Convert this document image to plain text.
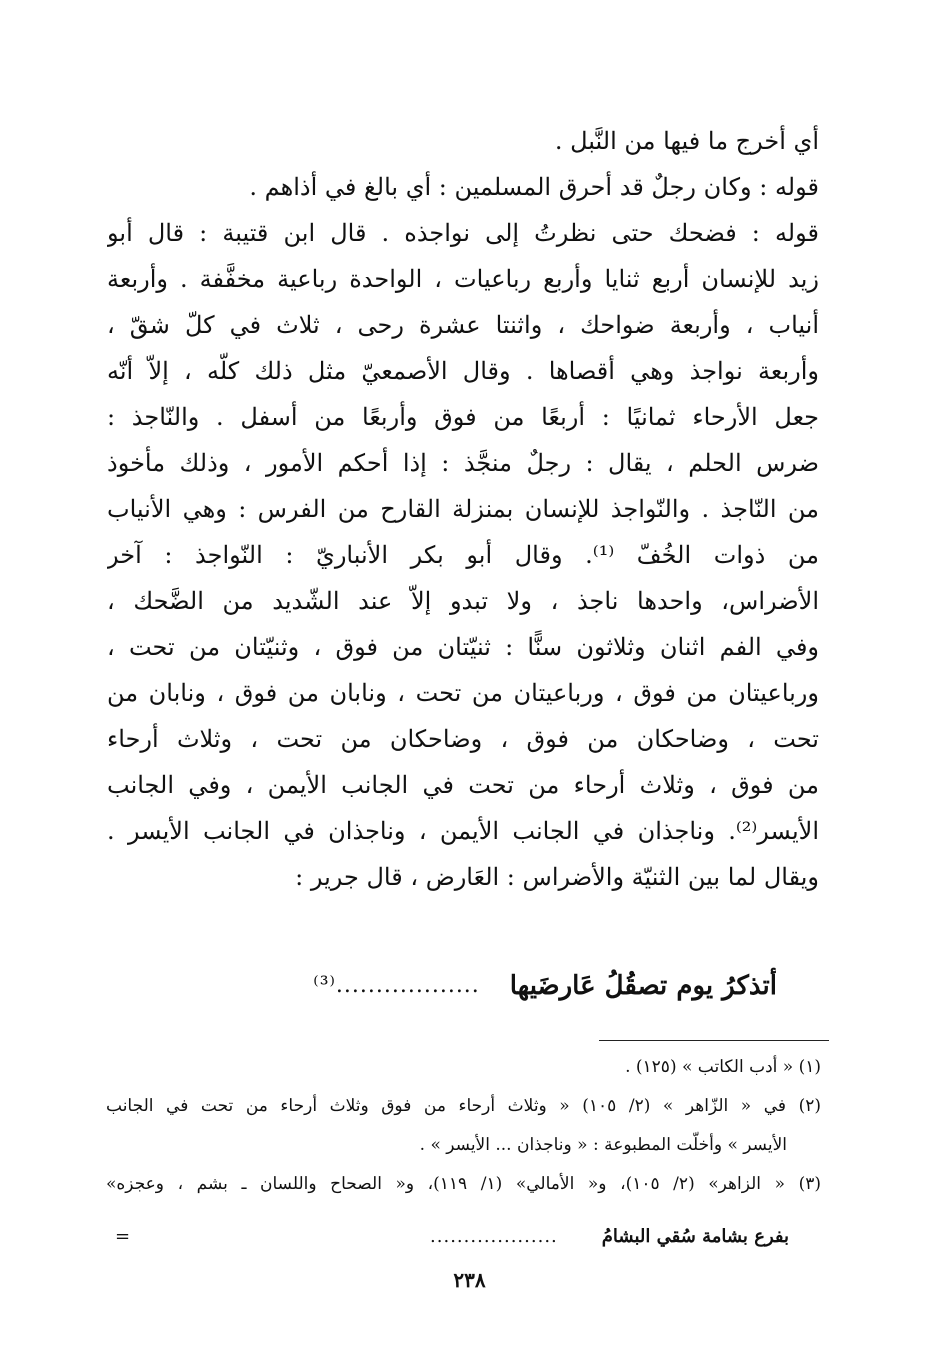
أي أخرج ما فيها من النَّبل .
قوله : وكان رجلٌ قد أحرق المسلمين : أي بالغ في أذاهم .
قوله : فضحك حتى نظرتُ إلى نواجذه . قال ابن قتيبة : قال أبو
زيد للإنسان أربع ثنايا وأربع رباعيات ، الواحدة رباعية مخفَّفة . وأربعة
أنياب ، وأربعة ضواحك ، واثنتا عشرة رحى ، ثلاث في كلّ شقّ ،
وأربعة نواجذ وهي أقصاها . وقال الأصمعيّ مثل ذلك كلّه ، إلاّ أنّه
جعل الأرحاء ثمانيًا : أربعًا من فوق وأربعًا من أسفل . والنّاجذ :
ضرس الحلم ، يقال : رجلٌ منجَّذ : إذا أحكم الأمور ، وذلك مأخوذ
من النّاجذ . والنّواجذ للإنسان بمنزلة القارح من الفرس : وهي الأنياب
من ذوات الخُفّ ⁽¹⁾. وقال أبو بكر الأنباريّ : النّواجذ : آخر
الأضراس، واحدها ناجذ ، ولا تبدو إلاّ عند الشّديد من الضَّحك ،
وفي الفم اثنان وثلاثون سنًّا : ثنيّتان من فوق ، وثنيّتان من تحت ،
ورباعيتان من فوق ، ورباعيتان من تحت ، ونابان من فوق ، ونابان من
تحت ، وضاحكان من فوق ، وضاحكان من تحت ، وثلاث أرحاء
من فوق ، وثلاث أرحاء من تحت في الجانب الأيمن ، وفي الجانب
الأيسر⁽²⁾. وناجذان في الجانب الأيمن ، وناجذان في الجانب الأيسر .
ويقال لما بين الثنيّة والأضراس : العَارض ، قال جرير :
أتذكرُ يوم تصقُلُ عَارضَيها
..................⁽³⁾
(١) « أدب الكاتب » (١٢٥) .
(٢) في « الزّاهر » (٢/ ١٠٥) « وثلاث أرحاء من فوق وثلاث أرحاء من تحت في الجانب
الأيسر » وأخلّت المطبوعة : « وناجذان ... الأيسر » .
(٣) « الزاهر» (٢/ ١٠٥)، و« الأمالي» (١/ ١١٩)، و« الصحاح واللسان ـ بشم ، وعجزه»
بفرع بشامة سُقي البشامُ
...................
=
٢٣٨
